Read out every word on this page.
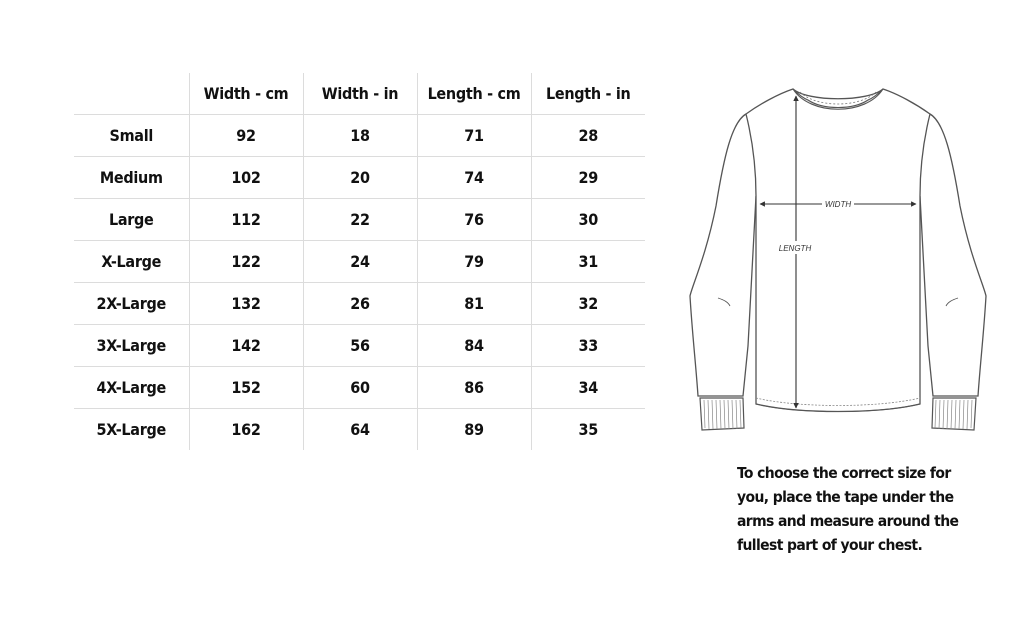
	Width - cm	Width - in	Length - cm	Length - in
Small	92	18	71	28
Medium	102	20	74	29
Large	112	22	76	30
X-Large	122	24	79	31
2X-Large	132	26	81	32
3X-Large	142	56	84	33
4X-Large	152	60	86	34
5X-Large	162	64	89	35
WIDTH
LENGTH

To choose the correct size for you, place the tape under the arms and measure around the fullest part of your chest.
